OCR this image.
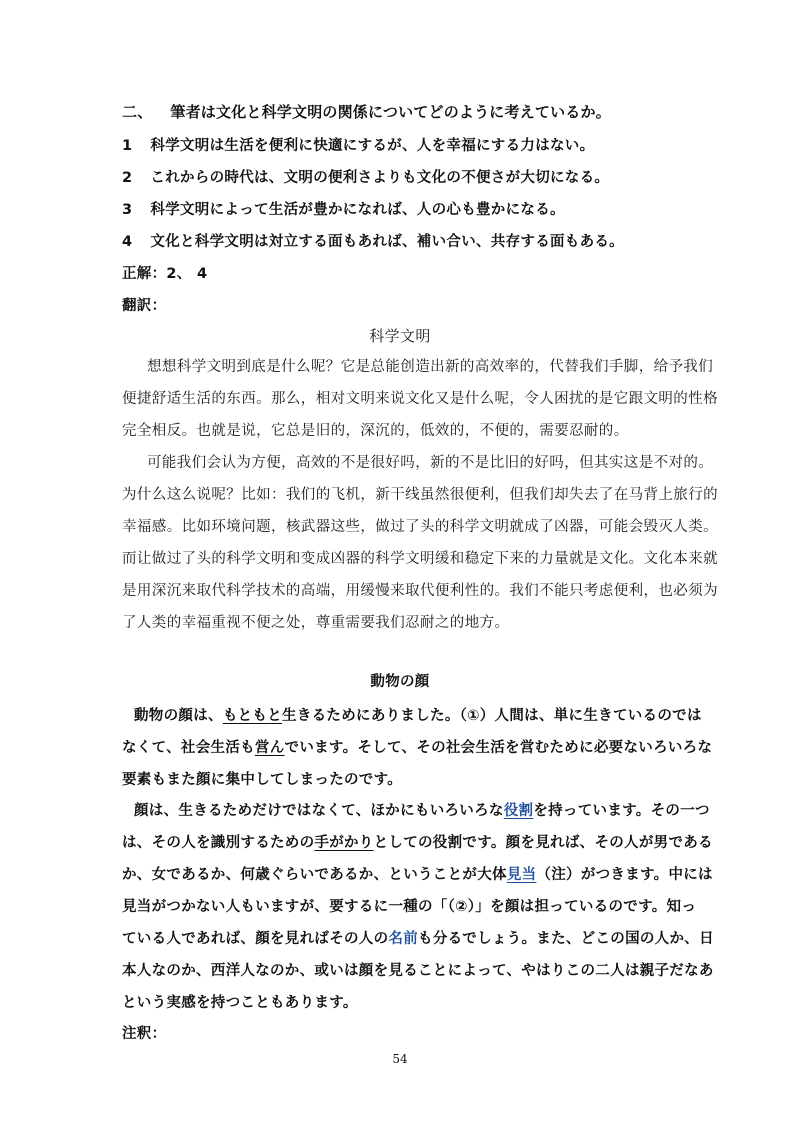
二、 筆者は文化と科学文明の関係についてどのように考えているか。
1 科学文明は生活を便利に快適にするが、人を幸福にする力はない。
2 これからの時代は、文明の便利さよりも文化の不便さが大切になる。
3 科学文明によって生活が豊かになれば、人の心も豊かになる。
4 文化と科学文明は対立する面もあれば、補い合い、共存する面もある。
正解：2、 4
翻訳：
科学文明
想想科学文明到底是什么呢？它是总能创造出新的高效率的，代替我们手脚，给予我们
便捷舒适生活的东西。那么，相对文明来说文化又是什么呢，令人困扰的是它跟文明的性格
完全相反。也就是说，它总是旧的，深沉的，低效的，不便的，需要忍耐的。
可能我们会认为方便，高效的不是很好吗，新的不是比旧的好吗，但其实这是不对的。
为什么这么说呢？比如：我们的飞机，新干线虽然很便利，但我们却失去了在马背上旅行的
幸福感。比如环境问题，核武器这些，做过了头的科学文明就成了凶器，可能会毁灭人类。
而让做过了头的科学文明和变成凶器的科学文明缓和稳定下来的力量就是文化。文化本来就
是用深沉来取代科学技术的高端，用缓慢来取代便利性的。我们不能只考虑便利，也必须为
了人类的幸福重视不便之处，尊重需要我们忍耐之的地方。
動物の顔
動物の顔は、もともと生きるためにありました。（①）人間は、単に生きているのでは
なくて、社会生活も営んでいます。そして、その社会生活を営むために必要ないろいろな
要素もまた顔に集中してしまったのです。
顔は、生きるためだけではなくて、ほかにもいろいろな役割を持っています。その一つ
は、その人を識別するための手がかりとしての役割です。顔を見れば、その人が男である
か、女であるか、何歳ぐらいであるか、ということが大体見当（注）がつきます。中には
見当がつかない人もいますが、要するに一種の「（②）」を顔は担っているのです。知っ
ている人であれば、顔を見ればその人の名前も分るでしょう。また、どこの国の人か、日
本人なのか、西洋人なのか、或いは顔を見ることによって、やはりこの二人は親子だなあ
という実感を持つこともあります。
注釈：
54
